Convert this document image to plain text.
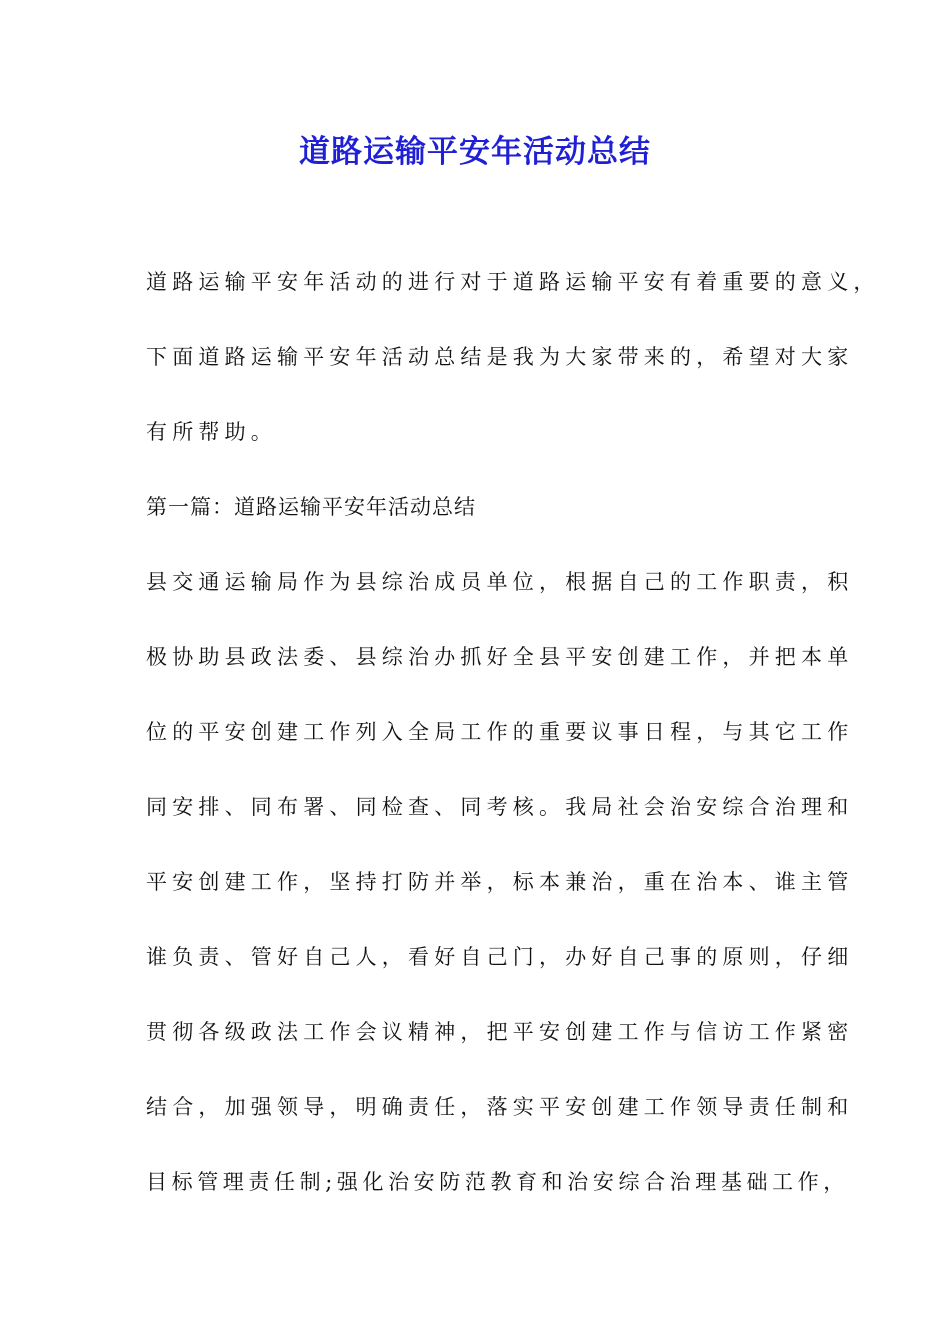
道路运输平安年活动总结
道路运输平安年活动的进行对于道路运输平安有着重要的意义，
下面道路运输平安年活动总结是我为大家带来的，希望对大家
有所帮助。
第一篇：道路运输平安年活动总结
县交通运输局作为县综治成员单位，根据自己的工作职责，积
极协助县政法委、县综治办抓好全县平安创建工作，并把本单
位的平安创建工作列入全局工作的重要议事日程，与其它工作
同安排、同布署、同检查、同考核。我局社会治安综合治理和
平安创建工作，坚持打防并举，标本兼治，重在治本、谁主管
谁负责、管好自己人，看好自己门，办好自己事的原则，仔细
贯彻各级政法工作会议精神，把平安创建工作与信访工作紧密
结合，加强领导，明确责任，落实平安创建工作领导责任制和
目标管理责任制;强化治安防范教育和治安综合治理基础工作，
